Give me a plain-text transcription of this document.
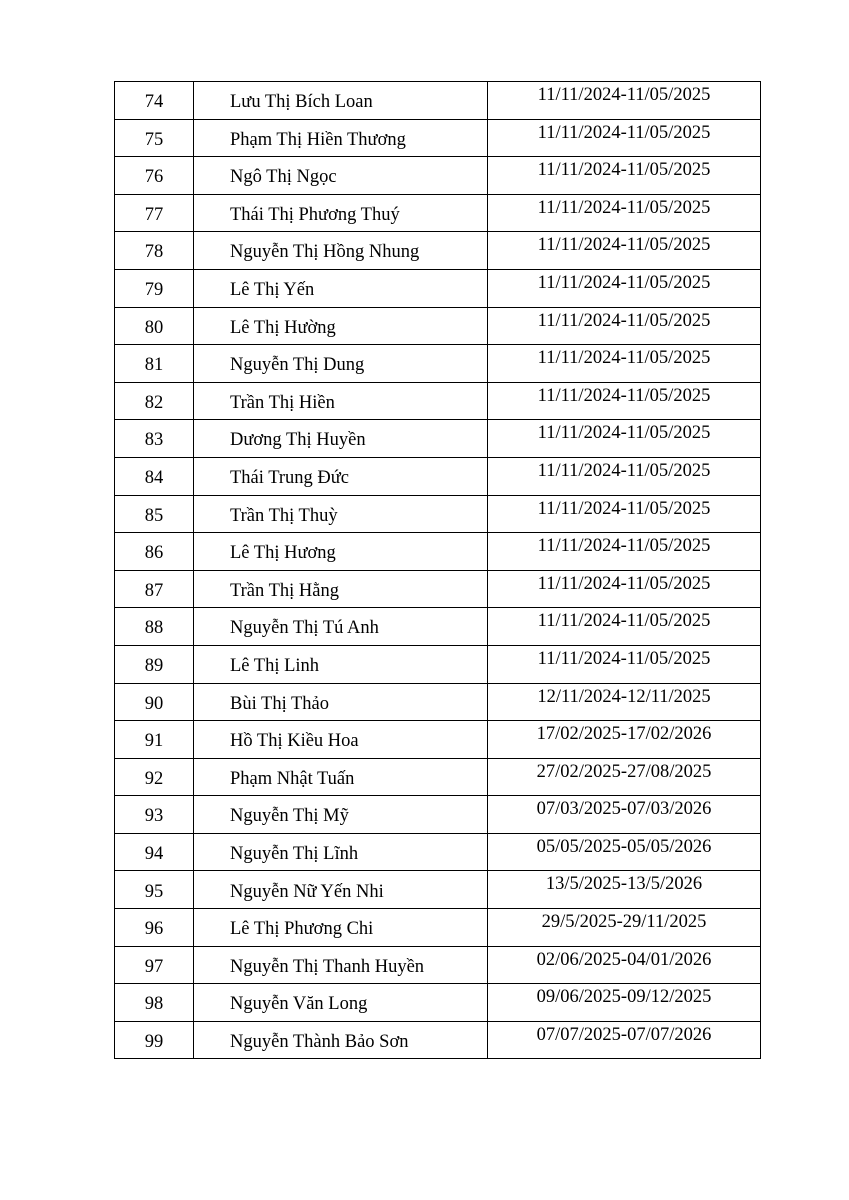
74	Lưu Thị Bích Loan	11/11/2024-11/05/2025
75	Phạm Thị Hiền Thương	11/11/2024-11/05/2025
76	Ngô Thị Ngọc	11/11/2024-11/05/2025
77	Thái Thị Phương Thuý	11/11/2024-11/05/2025
78	Nguyễn Thị Hồng Nhung	11/11/2024-11/05/2025
79	Lê Thị Yến	11/11/2024-11/05/2025
80	Lê Thị Hường	11/11/2024-11/05/2025
81	Nguyễn Thị Dung	11/11/2024-11/05/2025
82	Trần Thị Hiền	11/11/2024-11/05/2025
83	Dương Thị Huyền	11/11/2024-11/05/2025
84	Thái Trung Đức	11/11/2024-11/05/2025
85	Trần Thị Thuỳ	11/11/2024-11/05/2025
86	Lê Thị Hương	11/11/2024-11/05/2025
87	Trần Thị Hằng	11/11/2024-11/05/2025
88	Nguyễn Thị Tú Anh	11/11/2024-11/05/2025
89	Lê Thị Linh	11/11/2024-11/05/2025
90	Bùi Thị Thảo	12/11/2024-12/11/2025
91	Hồ Thị Kiều Hoa	17/02/2025-17/02/2026
92	Phạm Nhật Tuấn	27/02/2025-27/08/2025
93	Nguyễn Thị Mỹ	07/03/2025-07/03/2026
94	Nguyễn Thị Lĩnh	05/05/2025-05/05/2026
95	Nguyễn Nữ Yến Nhi	13/5/2025-13/5/2026
96	Lê Thị Phương Chi	29/5/2025-29/11/2025
97	Nguyễn Thị Thanh Huyền	02/06/2025-04/01/2026
98	Nguyễn Văn Long	09/06/2025-09/12/2025
99	Nguyễn Thành Bảo Sơn	07/07/2025-07/07/2026
